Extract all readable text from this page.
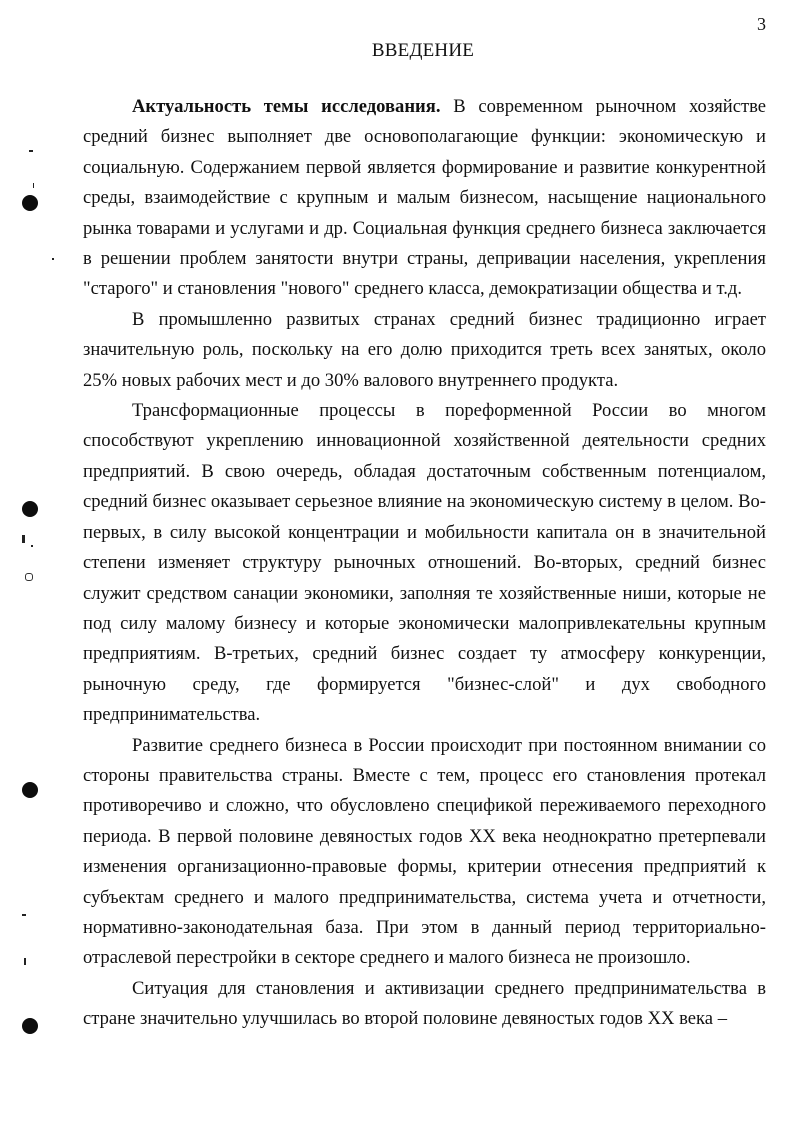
3
ВВЕДЕНИЕ

Актуальность темы исследования. В современном рыночном хозяйстве средний бизнес выполняет две основополагающие функции: экономическую и социальную. Содержанием первой является формирование и развитие конкурентной среды, взаимодействие с крупным и малым бизнесом, насыщение национального рынка товарами и услугами и др. Социальная функция среднего бизнеса заключается в решении проблем занятости внутри страны, депривации населения, укрепления "старого" и становления "нового" среднего класса, демократизации общества и т.д.

В промышленно развитых странах средний бизнес традиционно играет значительную роль, поскольку на его долю приходится треть всех занятых, около 25% новых рабочих мест и до 30% валового внутреннего продукта.

Трансформационные процессы в пореформенной России во многом способствуют укреплению инновационной хозяйственной деятельности средних предприятий. В свою очередь, обладая достаточным собственным потенциалом, средний бизнес оказывает серьезное влияние на экономическую систему в целом. Во-первых, в силу высокой концентрации и мобильности капитала он в значительной степени изменяет структуру рыночных отношений. Во-вторых, средний бизнес служит средством санации экономики, заполняя те хозяйственные ниши, которые не под силу малому бизнесу и которые экономически малопривлекательны крупным предприятиям. В-третьих, средний бизнес создает ту атмосферу конкуренции, рыночную среду, где формируется "бизнес-слой" и дух свободного предпринимательства.

Развитие среднего бизнеса в России происходит при постоянном внимании со стороны правительства страны. Вместе с тем, процесс его становления протекал противоречиво и сложно, что обусловлено спецификой переживаемого переходного периода. В первой половине девяностых годов XX века неоднократно претерпевали изменения организационно-правовые формы, критерии отнесения предприятий к субъектам среднего и малого предпринимательства, система учета и отчетности, нормативно-законодательная база. При этом в данный период территориально-отраслевой перестройки в секторе среднего и малого бизнеса не произошло.

Ситуация для становления и активизации среднего предпринимательства в стране значительно улучшилась во второй половине девяностых годов XX века –
